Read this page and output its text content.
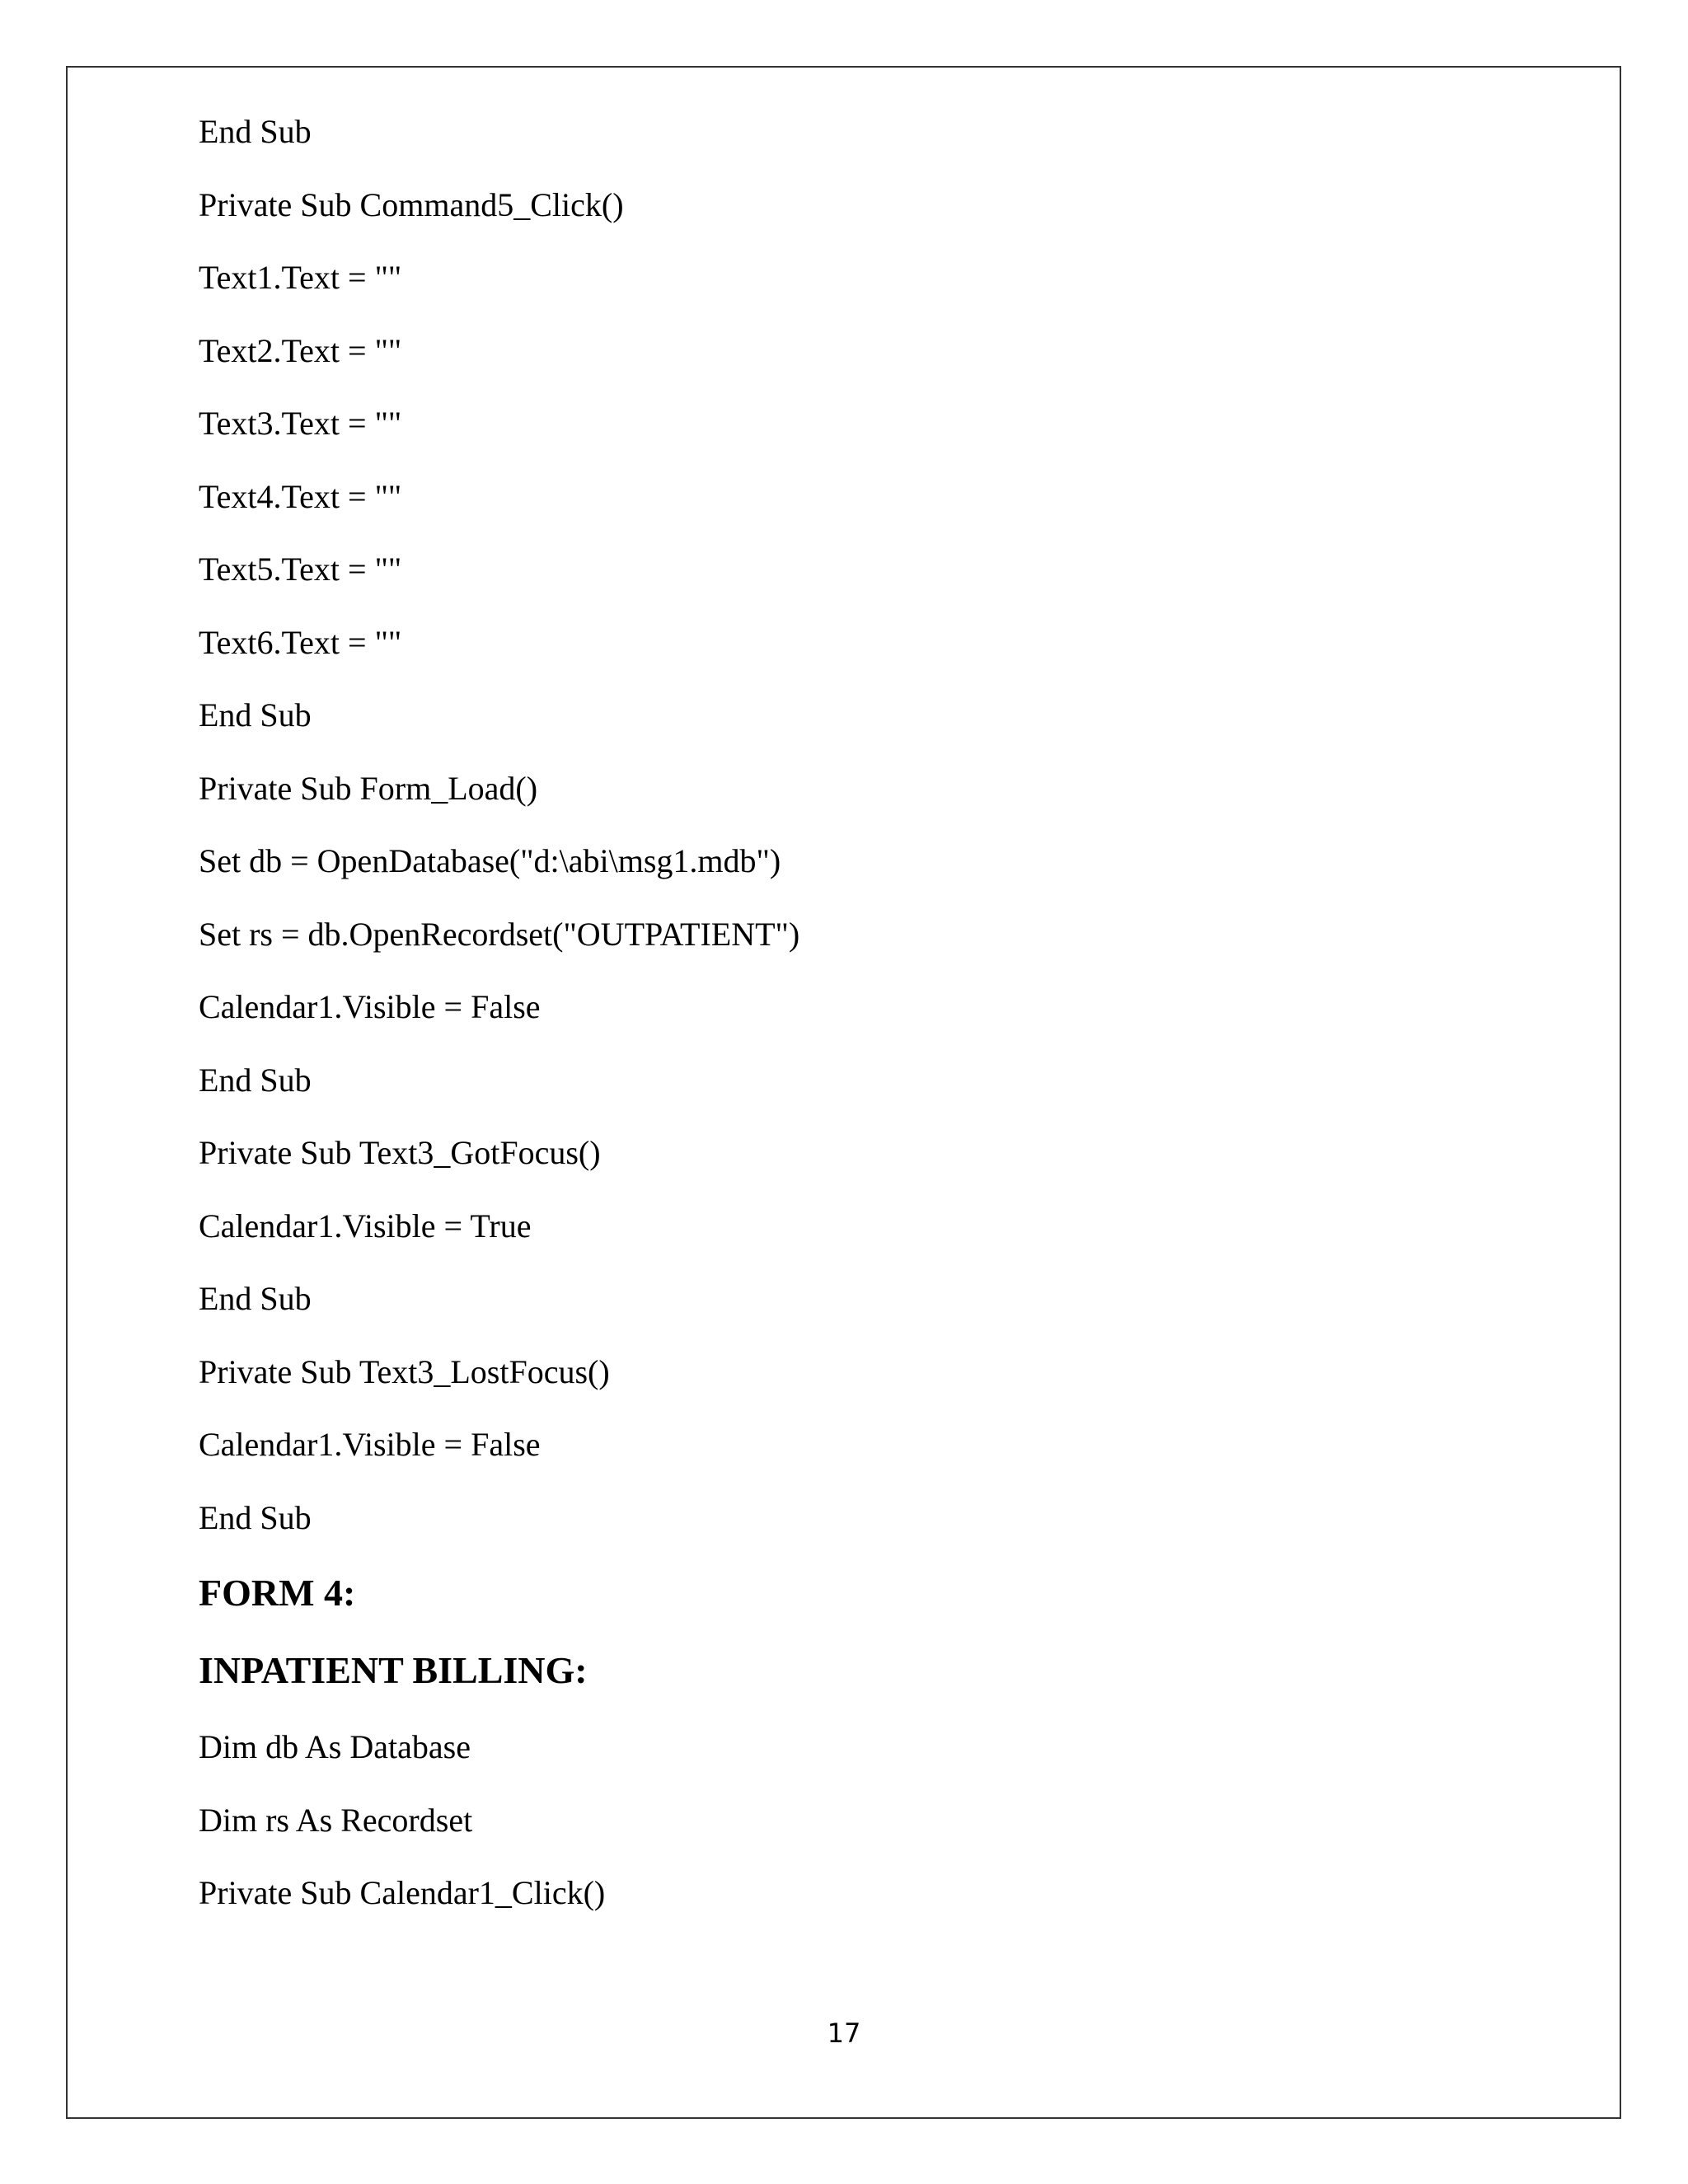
End Sub

Private Sub Command5_Click()

Text1.Text = ""

Text2.Text = ""

Text3.Text = ""

Text4.Text = ""

Text5.Text = ""

Text6.Text = ""

End Sub

Private Sub Form_Load()

Set db = OpenDatabase("d:\abi\msg1.mdb")

Set rs = db.OpenRecordset("OUTPATIENT")

Calendar1.Visible = False

End Sub

Private Sub Text3_GotFocus()

Calendar1.Visible = True

End Sub

Private Sub Text3_LostFocus()

Calendar1.Visible = False

End Sub

FORM 4:

INPATIENT BILLING:

Dim db As Database

Dim rs As Recordset

Private Sub Calendar1_Click()

17
